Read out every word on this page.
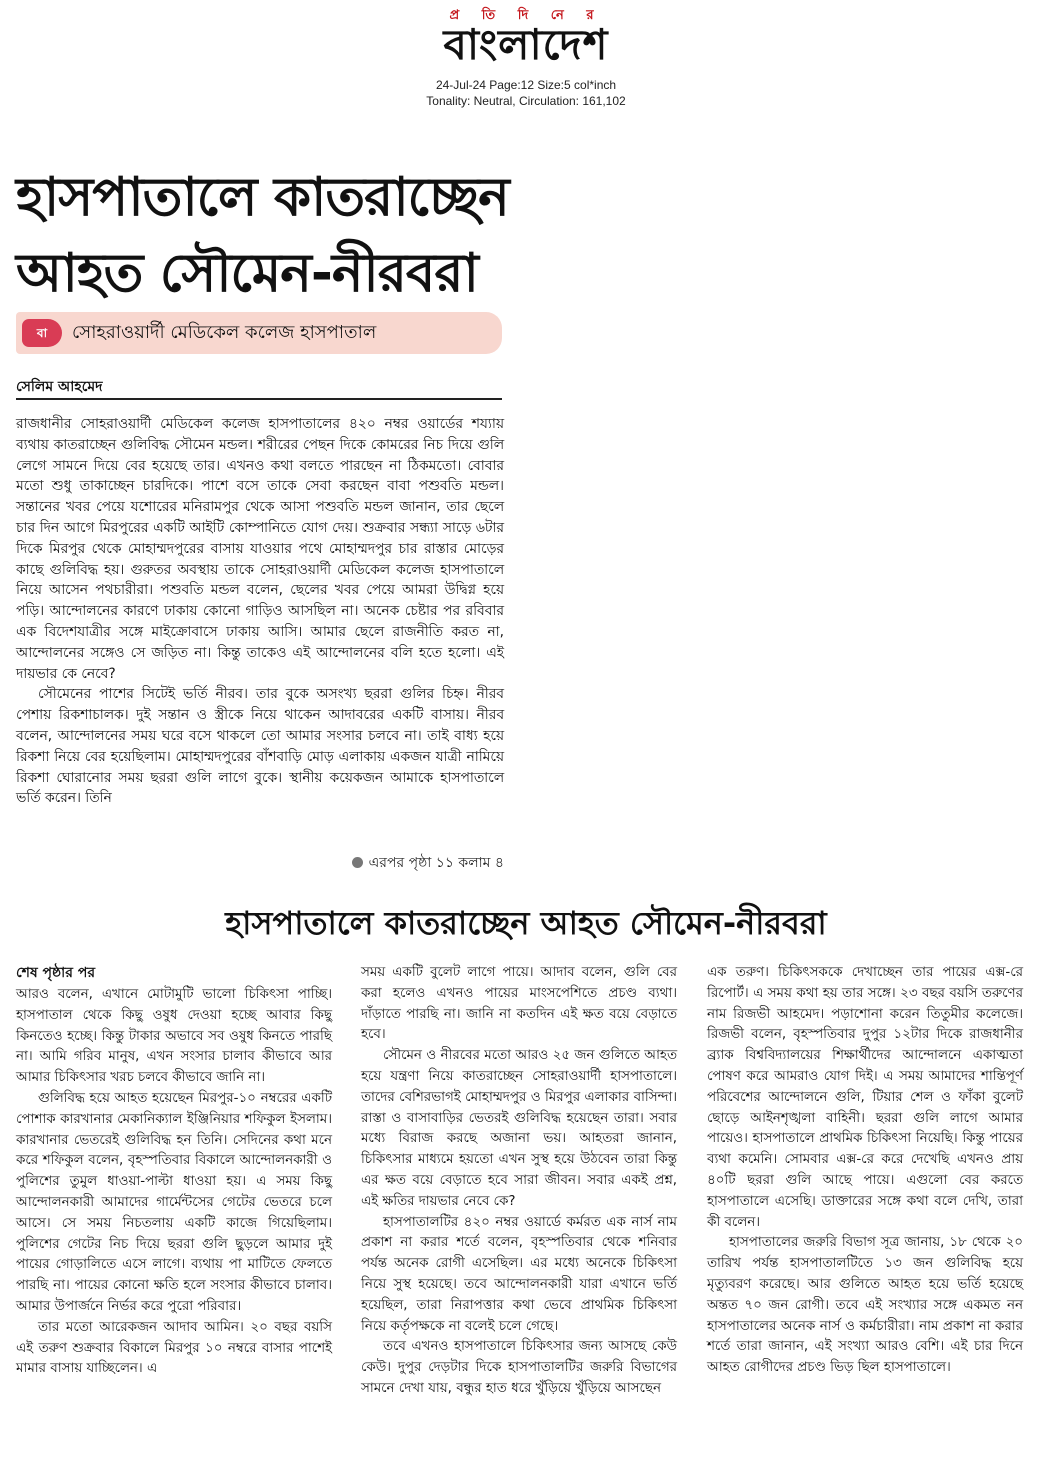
প্র তি দি নে র
বাংলাদেশ
24-Jul-24 Page:12 Size:5 col*inch
Tonality: Neutral, Circulation: 161,102
হাসপাতালে কাতরাচ্ছেন
আহত সৌমেন-নীরবরা
বা	সোহরাওয়ার্দী মেডিকেল কলেজ হাসপাতাল
সেলিম আহমেদ

রাজধানীর সোহরাওয়ার্দী মেডিকেল কলেজ হাসপাতালের ৪২০ নম্বর ওয়ার্ডের শয্যায় ব্যথায় কাতরাচ্ছেন গুলিবিদ্ধ সৌমেন মন্ডল। শরীরের পেছন দিকে কোমরের নিচ দিয়ে গুলি লেগে সামনে দিয়ে বের হয়েছে তার। এখনও কথা বলতে পারছেন না ঠিকমতো। বোবার মতো শুধু তাকাচ্ছেন চারদিকে। পাশে বসে তাকে সেবা করছেন বাবা পশুবতি মন্ডল। সন্তানের খবর পেয়ে যশোরের মনিরামপুর থেকে আসা পশুবতি মন্ডল জানান, তার ছেলে চার দিন আগে মিরপুরের একটি আইটি কোম্পানিতে যোগ দেয়। শুক্রবার সন্ধ্যা সাড়ে ৬টার দিকে মিরপুর থেকে মোহাম্মদপুরের বাসায় যাওয়ার পথে মোহাম্মদপুর চার রাস্তার মোড়ের কাছে গুলিবিদ্ধ হয়। গুরুতর অবস্থায় তাকে সোহরাওয়ার্দী মেডিকেল কলেজ হাসপাতালে নিয়ে আসেন পথচারীরা। পশুবতি মন্ডল বলেন, ছেলের খবর পেয়ে আমরা উদ্বিগ্ন হয়ে পড়ি। আন্দোলনের কারণে ঢাকায় কোনো গাড়িও আসছিল না। অনেক চেষ্টার পর রবিবার এক বিদেশযাত্রীর সঙ্গে মাইক্রোবাসে ঢাকায় আসি। আমার ছেলে রাজনীতি করত না, আন্দোলনের সঙ্গেও সে জড়িত না। কিন্তু তাকেও এই আন্দোলনের বলি হতে হলো। এই দায়ভার কে নেবে?

সৌমেনের পাশের সিটেই ভর্তি নীরব। তার বুকে অসংখ্য ছররা গুলির চিহ্ন। নীরব পেশায় রিকশাচালক। দুই সন্তান ও স্ত্রীকে নিয়ে থাকেন আদাবরের একটি বাসায়। নীরব বলেন, আন্দোলনের সময় ঘরে বসে থাকলে তো আমার সংসার চলবে না। তাই বাধ্য হয়ে রিকশা নিয়ে বের হয়েছিলাম। মোহাম্মদপুরের বাঁশবাড়ি মোড় এলাকায় একজন যাত্রী নামিয়ে রিকশা ঘোরানোর সময় ছররা গুলি লাগে বুকে। স্থানীয় কয়েকজন আমাকে হাসপাতালে ভর্তি করেন। তিনি

এরপর পৃষ্ঠা ১১ কলাম ৪
হাসপাতালে কাতরাচ্ছেন আহত সৌমেন-নীরবরা
শেষ পৃষ্ঠার পর

আরও বলেন, এখানে মোটামুটি ভালো চিকিৎসা পাচ্ছি। হাসপাতাল থেকে কিছু ওষুধ দেওয়া হচ্ছে আবার কিছু কিনতেও হচ্ছে। কিন্তু টাকার অভাবে সব ওষুধ কিনতে পারছি না। আমি গরিব মানুষ, এখন সংসার চালাব কীভাবে আর আমার চিকিৎসার খরচ চলবে কীভাবে জানি না।

গুলিবিদ্ধ হয়ে আহত হয়েছেন মিরপুর-১০ নম্বরের একটি পোশাক কারখানার মেকানিক্যাল ইঞ্জিনিয়ার শফিকুল ইসলাম। কারখানার ভেতরেই গুলিবিদ্ধ হন তিনি। সেদিনের কথা মনে করে শফিকুল বলেন, বৃহস্পতিবার বিকালে আন্দোলনকারী ও পুলিশের তুমুল ধাওয়া-পাল্টা ধাওয়া হয়। এ সময় কিছু আন্দোলনকারী আমাদের গার্মেন্টসের গেটের ভেতরে চলে আসে। সে সময় নিচতলায় একটি কাজে গিয়েছিলাম। পুলিশের গেটের নিচ দিয়ে ছররা গুলি ছুড়লে আমার দুই পায়ের গোড়ালিতে এসে লাগে। ব্যথায় পা মাটিতে ফেলতে পারছি না। পায়ের কোনো ক্ষতি হলে সংসার কীভাবে চালাব। আমার উপার্জনে নির্ভর করে পুরো পরিবার।

তার মতো আরেকজন আদাব আমিন। ২০ বছর বয়সি এই তরুণ শুক্রবার বিকালে মিরপুর ১০ নম্বরে বাসার পাশেই মামার বাসায় যাচ্ছিলেন। এ

সময় একটি বুলেট লাগে পায়ে। আদাব বলেন, গুলি বের করা হলেও এখনও পায়ের মাংসপেশিতে প্রচণ্ড ব্যথা। দাঁড়াতে পারছি না। জানি না কতদিন এই ক্ষত বয়ে বেড়াতে হবে।

সৌমেন ও নীরবের মতো আরও ২৫ জন গুলিতে আহত হয়ে যন্ত্রণা নিয়ে কাতরাচ্ছেন সোহরাওয়ার্দী হাসপাতালে। তাদের বেশিরভাগই মোহাম্মদপুর ও মিরপুর এলাকার বাসিন্দা। রাস্তা ও বাসাবাড়ির ভেতরই গুলিবিদ্ধ হয়েছেন তারা। সবার মধ্যে বিরাজ করছে অজানা ভয়। আহতরা জানান, চিকিৎসার মাধ্যমে হয়তো এখন সুস্থ হয়ে উঠবেন তারা কিন্তু এর ক্ষত বয়ে বেড়াতে হবে সারা জীবন। সবার একই প্রশ্ন, এই ক্ষতির দায়ভার নেবে কে?

হাসপাতালটির ৪২০ নম্বর ওয়ার্ডে কর্মরত এক নার্স নাম প্রকাশ না করার শর্তে বলেন, বৃহস্পতিবার থেকে শনিবার পর্যন্ত অনেক রোগী এসেছিল। এর মধ্যে অনেকে চিকিৎসা নিয়ে সুস্থ হয়েছে। তবে আন্দোলনকারী যারা এখানে ভর্তি হয়েছিল, তারা নিরাপত্তার কথা ভেবে প্রাথমিক চিকিৎসা নিয়ে কর্তৃপক্ষকে না বলেই চলে গেছে।

তবে এখনও হাসপাতালে চিকিৎসার জন্য আসছে কেউ কেউ। দুপুর দেড়টার দিকে হাসপাতালটির জরুরি বিভাগের সামনে দেখা যায়, বন্ধুর হাত ধরে খুঁড়িয়ে খুঁড়িয়ে আসছেন

এক তরুণ। চিকিৎসককে দেখাচ্ছেন তার পায়ের এক্স-রে রিপোর্ট। এ সময় কথা হয় তার সঙ্গে। ২৩ বছর বয়সি তরুণের নাম রিজভী আহমেদ। পড়াশোনা করেন তিতুমীর কলেজে। রিজভী বলেন, বৃহস্পতিবার দুপুর ১২টার দিকে রাজধানীর ব্র্যাক বিশ্ববিদ্যালয়ের শিক্ষার্থীদের আন্দোলনে একাত্মতা পোষণ করে আমরাও যোগ দিই। এ সময় আমাদের শান্তিপূর্ণ পরিবেশের আন্দোলনে গুলি, টিয়ার শেল ও ফাঁকা বুলেট ছোড়ে আইনশৃঙ্খলা বাহিনী। ছররা গুলি লাগে আমার পায়েও। হাসপাতালে প্রাথমিক চিকিৎসা নিয়েছি। কিন্তু পায়ের ব্যথা কমেনি। সোমবার এক্স-রে করে দেখেছি এখনও প্রায় ৪০টি ছররা গুলি আছে পায়ে। এগুলো বের করতে হাসপাতালে এসেছি। ডাক্তারের সঙ্গে কথা বলে দেখি, তারা কী বলেন।

হাসপাতালের জরুরি বিভাগ সূত্র জানায়, ১৮ থেকে ২০ তারিখ পর্যন্ত হাসপাতালটিতে ১৩ জন গুলিবিদ্ধ হয়ে মৃত্যুবরণ করেছে। আর গুলিতে আহত হয়ে ভর্তি হয়েছে অন্তত ৭০ জন রোগী। তবে এই সংখ্যার সঙ্গে একমত নন হাসপাতালের অনেক নার্স ও কর্মচারীরা। নাম প্রকাশ না করার শর্তে তারা জানান, এই সংখ্যা আরও বেশি। এই চার দিনে আহত রোগীদের প্রচণ্ড ভিড় ছিল হাসপাতালে।
